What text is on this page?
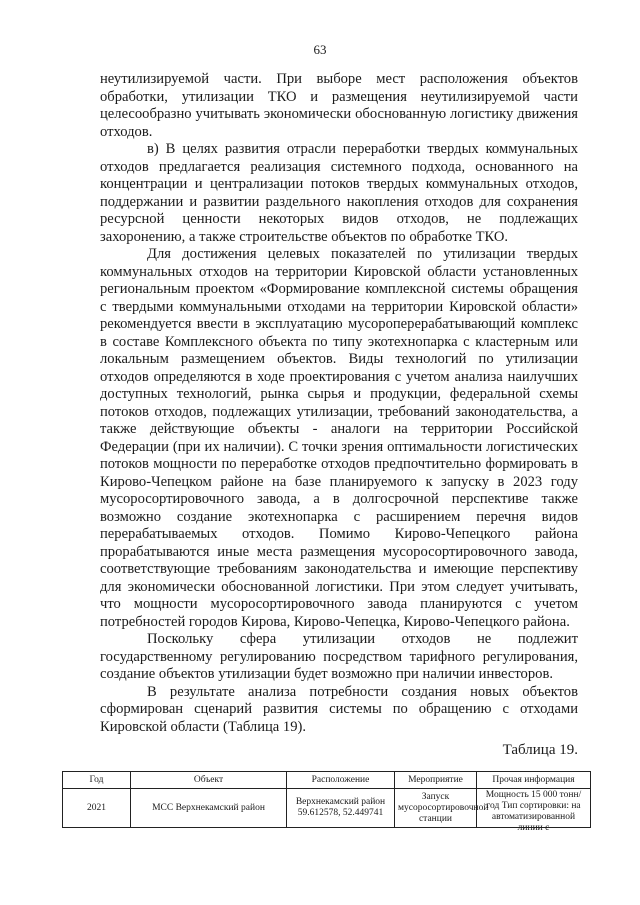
63

неутилизируемой части. При выборе мест расположения объектов обработки, утилизации ТКО и размещения неутилизируемой части целесообразно учитывать экономически обоснованную логистику движения отходов.

в) В целях развития отрасли переработки твердых коммунальных отходов предлагается реализация системного подхода, основанного на концентрации и централизации потоков твердых коммунальных отходов, поддержании и развитии раздельного накопления отходов для сохранения ресурсной ценности некоторых видов отходов, не подлежащих захоронению, а также строительстве объектов по обработке ТКО.

Для достижения целевых показателей по утилизации твердых коммунальных отходов на территории Кировской области установленных региональным проектом «Формирование комплексной системы обращения с твердыми коммунальными отходами на территории Кировской области» рекомендуется ввести в эксплуатацию мусороперерабатывающий комплекс в составе Комплексного объекта по типу экотехнопарка с кластерным или локальным размещением объектов. Виды технологий по утилизации отходов определяются в ходе проектирования с учетом анализа наилучших доступных технологий, рынка сырья и продукции, федеральной схемы потоков отходов, подлежащих утилизации, требований законодательства, а также действующие объекты - аналоги на территории Российской Федерации (при их наличии). С точки зрения оптимальности логистических потоков мощности по переработке отходов предпочтительно формировать в Кирово-Чепецком районе на базе планируемого к запуску в 2023 году мусоросортировочного завода, а в долгосрочной перспективе также возможно создание экотехнопарка с расширением перечня видов перерабатываемых отходов. Помимо Кирово-Чепецкого района прорабатываются иные места размещения мусоросортировочного завода, соответствующие требованиям законодательства и имеющие перспективу для экономически обоснованной логистики. При этом следует учитывать, что мощности мусоросортировочного завода планируются с учетом потребностей городов Кирова, Кирово-Чепецка, Кирово-Чепецкого района.

Поскольку сфера утилизации отходов не подлежит государственному регулированию посредством тарифного регулирования, создание объектов утилизации будет возможно при наличии инвесторов.

В результате анализа потребности создания новых объектов сформирован сценарий развития системы по обращению с отходами Кировской области (Таблица 19).

Таблица 19.
Год	Объект	Расположение	Мероприятие	Прочая информация

2021	МСС Верхнекамский район	Верхнекамский район 59.612578, 52.449741	Запуск мусоросортировочной станции	Мощность 15 000 тонн/год Тип сортировки: на автоматизированной линии с
